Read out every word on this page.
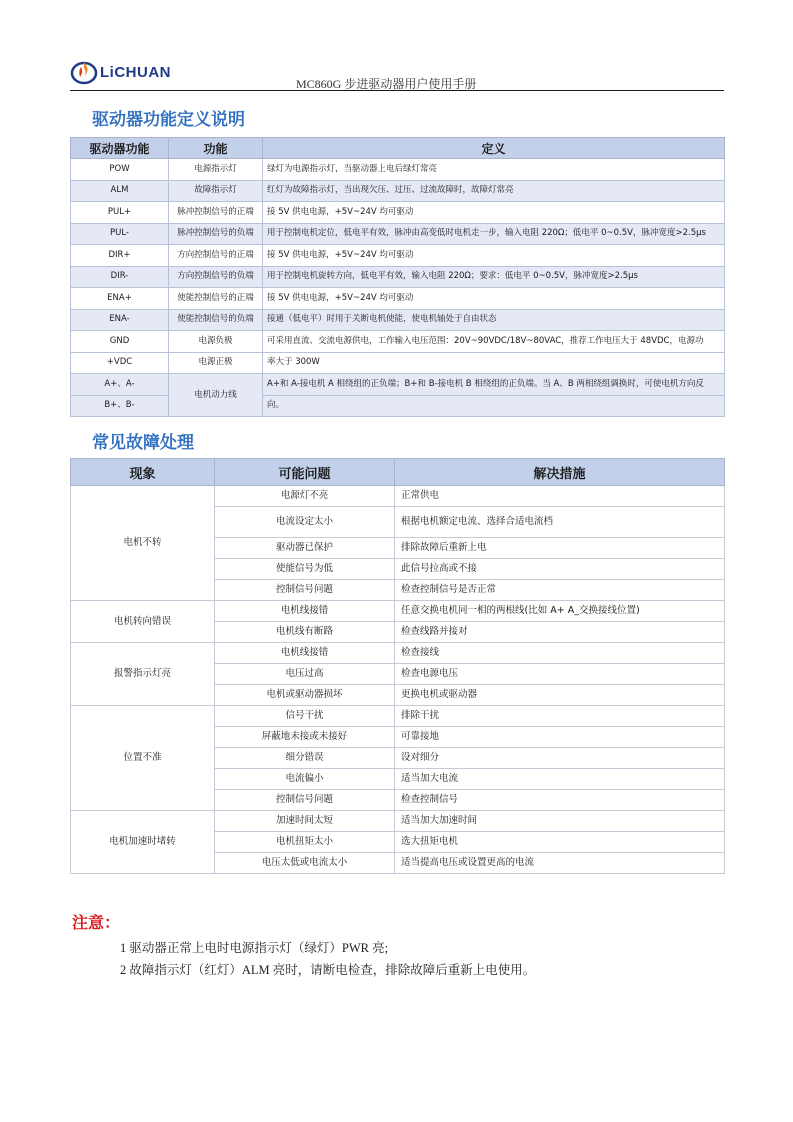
LiCHUAN
MC860G 步进驱动器用户使用手册
驱动器功能定义说明
驱动器功能	功能	定义
POW	电源指示灯	绿灯为电源指示灯，当驱动器上电后绿灯常亮
ALM	故障指示灯	红灯为故障指示灯，当出现欠压、过压、过流故障时，故障灯常亮
PUL+	脉冲控制信号的正端	接 5V 供电电源，+5V~24V 均可驱动
PUL-	脉冲控制信号的负端	用于控制电机定位，低电平有效，脉冲由高变低时电机走一步，输入电阻 220Ω；低电平 0~0.5V，脉冲宽度>2.5μs
DIR+	方向控制信号的正端	接 5V 供电电源，+5V~24V 均可驱动
DIR-	方向控制信号的负端	用于控制电机旋转方向，低电平有效，输入电阻 220Ω；要求：低电平 0~0.5V，脉冲宽度>2.5μs
ENA+	使能控制信号的正端	接 5V 供电电源，+5V~24V 均可驱动
ENA-	使能控制信号的负端	接通（低电平）时用于关断电机使能，使电机轴处于自由状态
GND	电源负极	可采用直流、交流电源供电，工作输入电压范围：20V~90VDC/18V~80VAC，推荐工作电压大于 48VDC，电源功
+VDC	电源正极	率大于 300W
A+、A-	电机动力线	A+和 A-接电机 A 相绕组的正负端；B+和 B-接电机 B 相绕组的正负端。当 A、B 两相绕组调换时，可使电机方向反
B+、B-		向。
常见故障处理
现象	可能问题	解决措施
电机不转	电源灯不亮	正常供电
	电流设定太小	根据电机额定电流、选择合适电流档
	驱动器已保护	排除故障后重新上电
	使能信号为低	此信号拉高或不接
	控制信号问题	检查控制信号是否正常
电机转向错误	电机线接错	任意交换电机同一相的两根线(比如 A+ A_交换接线位置)
	电机线有断路	检查线路并接对
报警指示灯亮	电机线接错	检查接线
	电压过高	检查电源电压
	电机或驱动器损坏	更换电机或驱动器
位置不准	信号干扰	排除干扰
	屏蔽地未接或未接好	可靠接地
	细分错误	设对细分
	电流偏小	适当加大电流
	控制信号问题	检查控制信号
电机加速时堵转	加速时间太短	适当加大加速时间
	电机扭矩太小	选大扭矩电机
	电压太低或电流太小	适当提高电压或设置更高的电流
注意：
1 驱动器正常上电时电源指示灯（绿灯）PWR 亮;
2 故障指示灯（红灯）ALM 亮时，请断电检查，排除故障后重新上电使用。
